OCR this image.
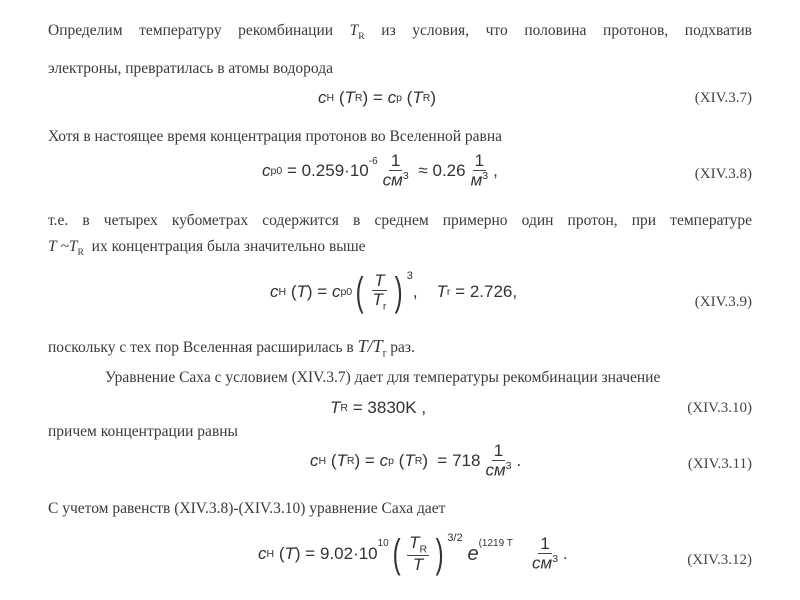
Определим температуру рекомбинации $T_R$ из условия, что половина протонов, подхватив
электроны, превратилась в атомы водорода
c H ( T R ) =
c p ( T R )	(XIV.3.7)
Хотя в настоящее время концентрация протонов во Вселенной равна
c p0
=
$0.259\cdot 10^{-6} \frac{1}{см^3}$
≈
$0.26 \frac{1}{м^3}$ ,	(XIV.3.8)
т.е. в четырех кубометрах содержится в среднем примерно один протон, при температуре
T $\sim T_R$ их концентрация была значительно выше
c H ( T ) =
c p0 ( $\frac{T}{T_r}$ ) $^3$
,
T r
=
2.726,
(XIV.3.9)
поскольку с тех пор Вселенная расширилась в $T/T_r$ раз.
Уравнение Саха с условием (XIV.3.7) дает для температуры рекомбинации значение
T R
=
3830K
,	(XIV.3.10)
причем концентрации равны
c H ( T R ) =
c p ( T R ) =
$718 \frac{1}{см^3}$ .	(XIV.3.11)
С учетом равенств (XIV.3.8)-(XIV.3.10) уравнение Саха дает
c H ( T ) =
9.02·10
$^{10}$ ( $\frac{T_R}{T}$ ) $^{3/2}$

$e^{(1219 T}$
$\frac{1}{см^3}$ .	(XIV.3.12)
